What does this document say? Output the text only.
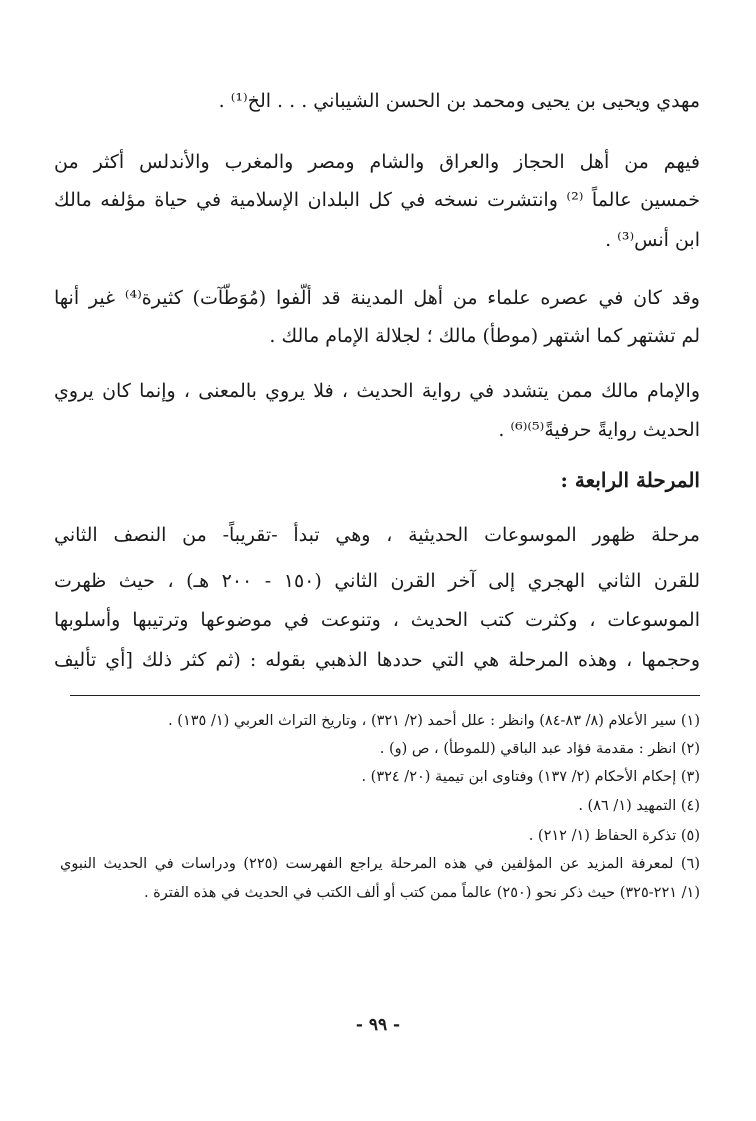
مهدي ويحيى بن يحيى ومحمد بن الحسن الشيباني . . . الخ⁽¹⁾ .
فيهم من أهل الحجاز والعراق والشام ومصر والمغرب والأندلس أكثر من
خمسين عالماً ⁽²⁾ وانتشرت نسخه في كل البلدان الإسلامية في حياة مؤلفه مالك
ابن أنس⁽³⁾ .
وقد كان في عصره علماء من أهل المدينة قد ألّفوا (مُوَطّآت) كثيرة⁽⁴⁾ غير أنها
لم تشتهر كما اشتهر (موطأ) مالك ؛ لجلالة الإمام مالك .
والإمام مالك ممن يتشدد في رواية الحديث ، فلا يروي بالمعنى ، وإنما كان يروي
الحديث روايةً حرفيةً⁽⁵⁾⁽⁶⁾ .
المرحلة الرابعة :
مرحلة ظهور الموسوعات الحديثية ، وهي تبدأ -تقريباً- من النصف الثاني
للقرن الثاني الهجري إلى آخر القرن الثاني (١٥٠ - ٢٠٠ هـ) ، حيث ظهرت
الموسوعات ، وكثرت كتب الحديث ، وتنوعت في موضوعها وترتيبها وأسلوبها
وحجمها ، وهذه المرحلة هي التي حددها الذهبي بقوله : (ثم كثر ذلك [أي تأليف
(١) سير الأعلام (٨/ ٨٣-٨٤) وانظر : علل أحمد (٢/ ٣٢١) ، وتاريخ التراث العربي (١/ ١٣٥) .
(٢) انظر : مقدمة فؤاد عبد الباقي (للموطأ) ، ص (و) .
(٣) إحكام الأحكام (٢/ ١٣٧) وفتاوى ابن تيمية (٢٠/ ٣٢٤) .
(٤) التمهيد (١/ ٨٦) .
(٥) تذكرة الحفاظ (١/ ٢١٢) .
(٦) لمعرفة المزيد عن المؤلفين في هذه المرحلة يراجع الفهرست (٢٢٥) ودراسات في الحديث النبوي
(١/ ٢٢١-٣٢٥) حيث ذكر نحو (٢٥٠) عالماً ممن كتب أو ألف الكتب في الحديث في هذه الفترة .
- ٩٩ -
